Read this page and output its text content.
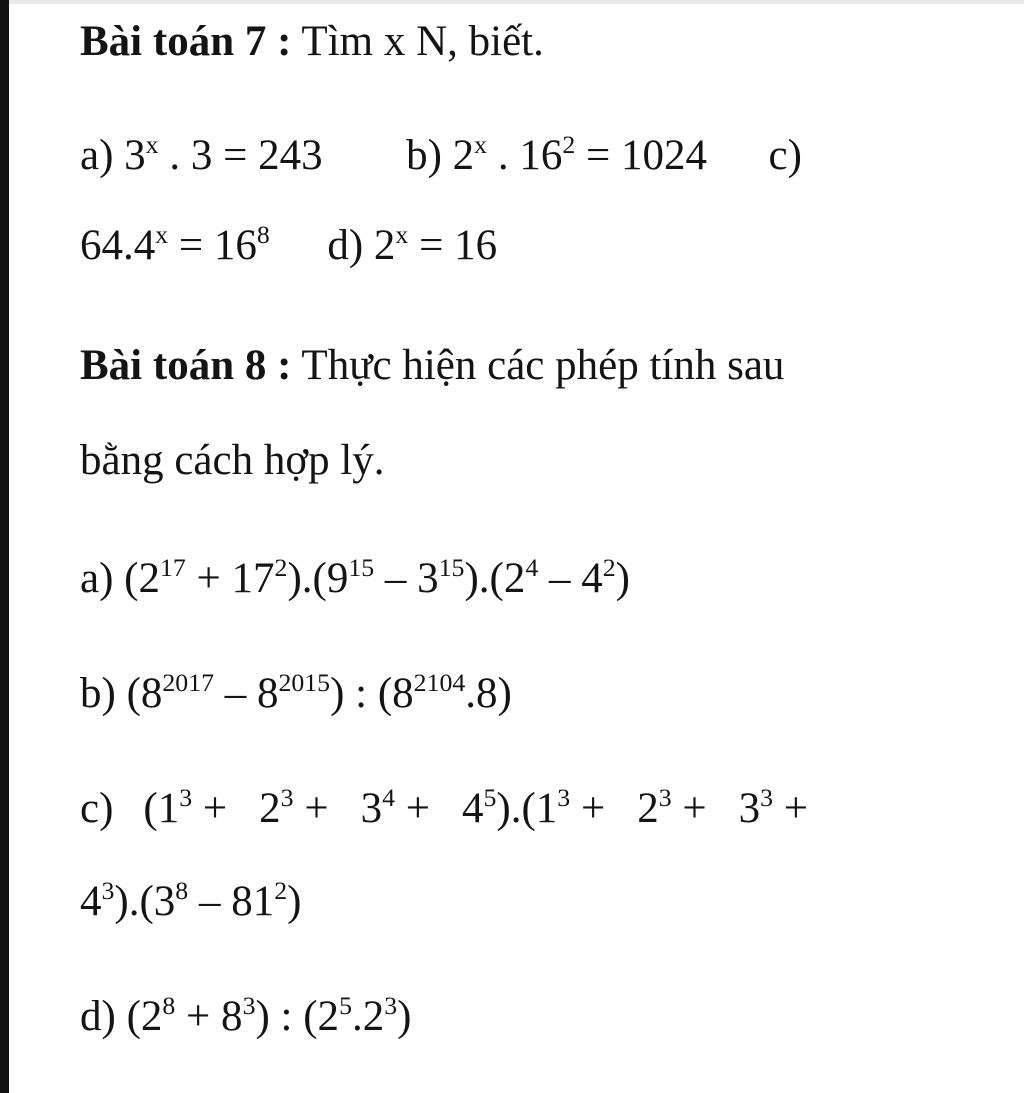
Bài toán 7 : Tìm x N, biết.
a) 3$^x$ . 3 = 243 b) 2$^x$ . $16^2 = 1024$ c)
$64.4^x = 16^8$ d) $2^x = 16$
Bài toán 8 : Thực hiện các phép tính sau
bằng cách hợp lý.
a) $(2^{17} + 17^2).(9^{15} - 3^{15}).(2^4 - 4^2)$
b) $(8^{2017} - 8^{2015})$ : $(8^{2104}.8)$
c) $(1^3 + 2^3 + 3^4 + 4^5).(1^3 + 2^3 + 3^3$ +
$4^3).(3^8 - 81^2)$
d) $(2^8 + 8^3)$ : $(2^5.2^3)$
